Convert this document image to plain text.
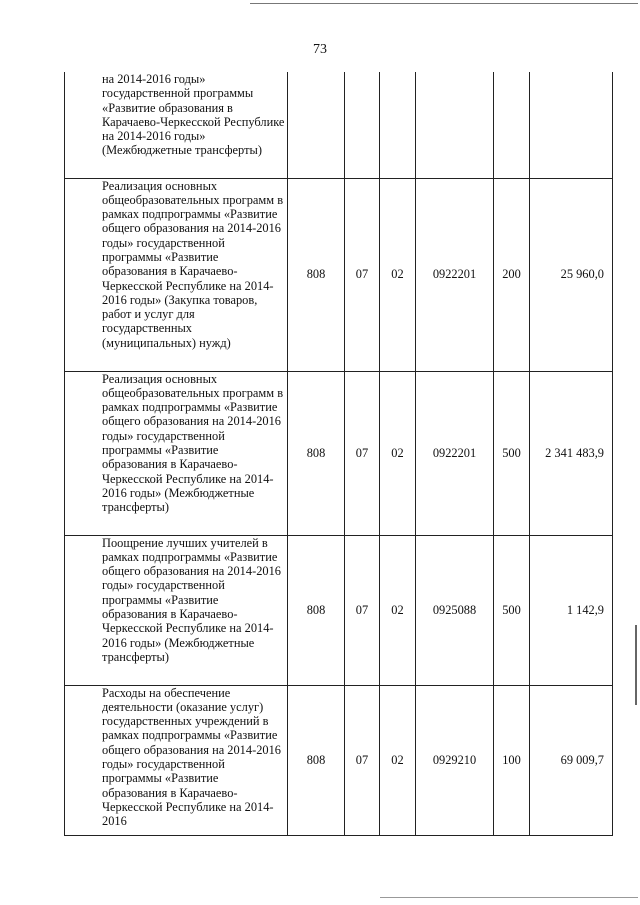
73
на 2014-2016 годы» государственной программы «Развитие образования в Карачаево-Черкесской Республике на 2014-2016 годы» (Межбюджетные трансферты)						
Реализация основных общеобразовательных программ в рамках подпрограммы «Развитие общего образования на 2014-2016 годы» государственной программы «Развитие образования в Карачаево-Черкесской Республике на 2014-2016 годы» (Закупка товаров, работ и услуг для государственных (муниципальных) нужд)	808	07	02	0922201	200	25 960,0
Реализация основных общеобразовательных программ в рамках подпрограммы «Развитие общего образования на 2014-2016 годы» государственной программы «Развитие образования в Карачаево-Черкесской Республике на 2014-2016 годы» (Межбюджетные трансферты)	808	07	02	0922201	500	2 341 483,9
Поощрение лучших учителей в рамках подпрограммы «Развитие общего образования на 2014-2016 годы» государственной программы «Развитие образования в Карачаево-Черкесской Республике на 2014-2016 годы» (Межбюджетные трансферты)	808	07	02	0925088	500	1 142,9
Расходы на обеспечение деятельности (оказание услуг) государственных учреждений в рамках подпрограммы «Развитие общего образования на 2014-2016 годы» государственной программы «Развитие образования в Карачаево-Черкесской Республике на 2014-2016	808	07	02	0929210	100	69 009,7
